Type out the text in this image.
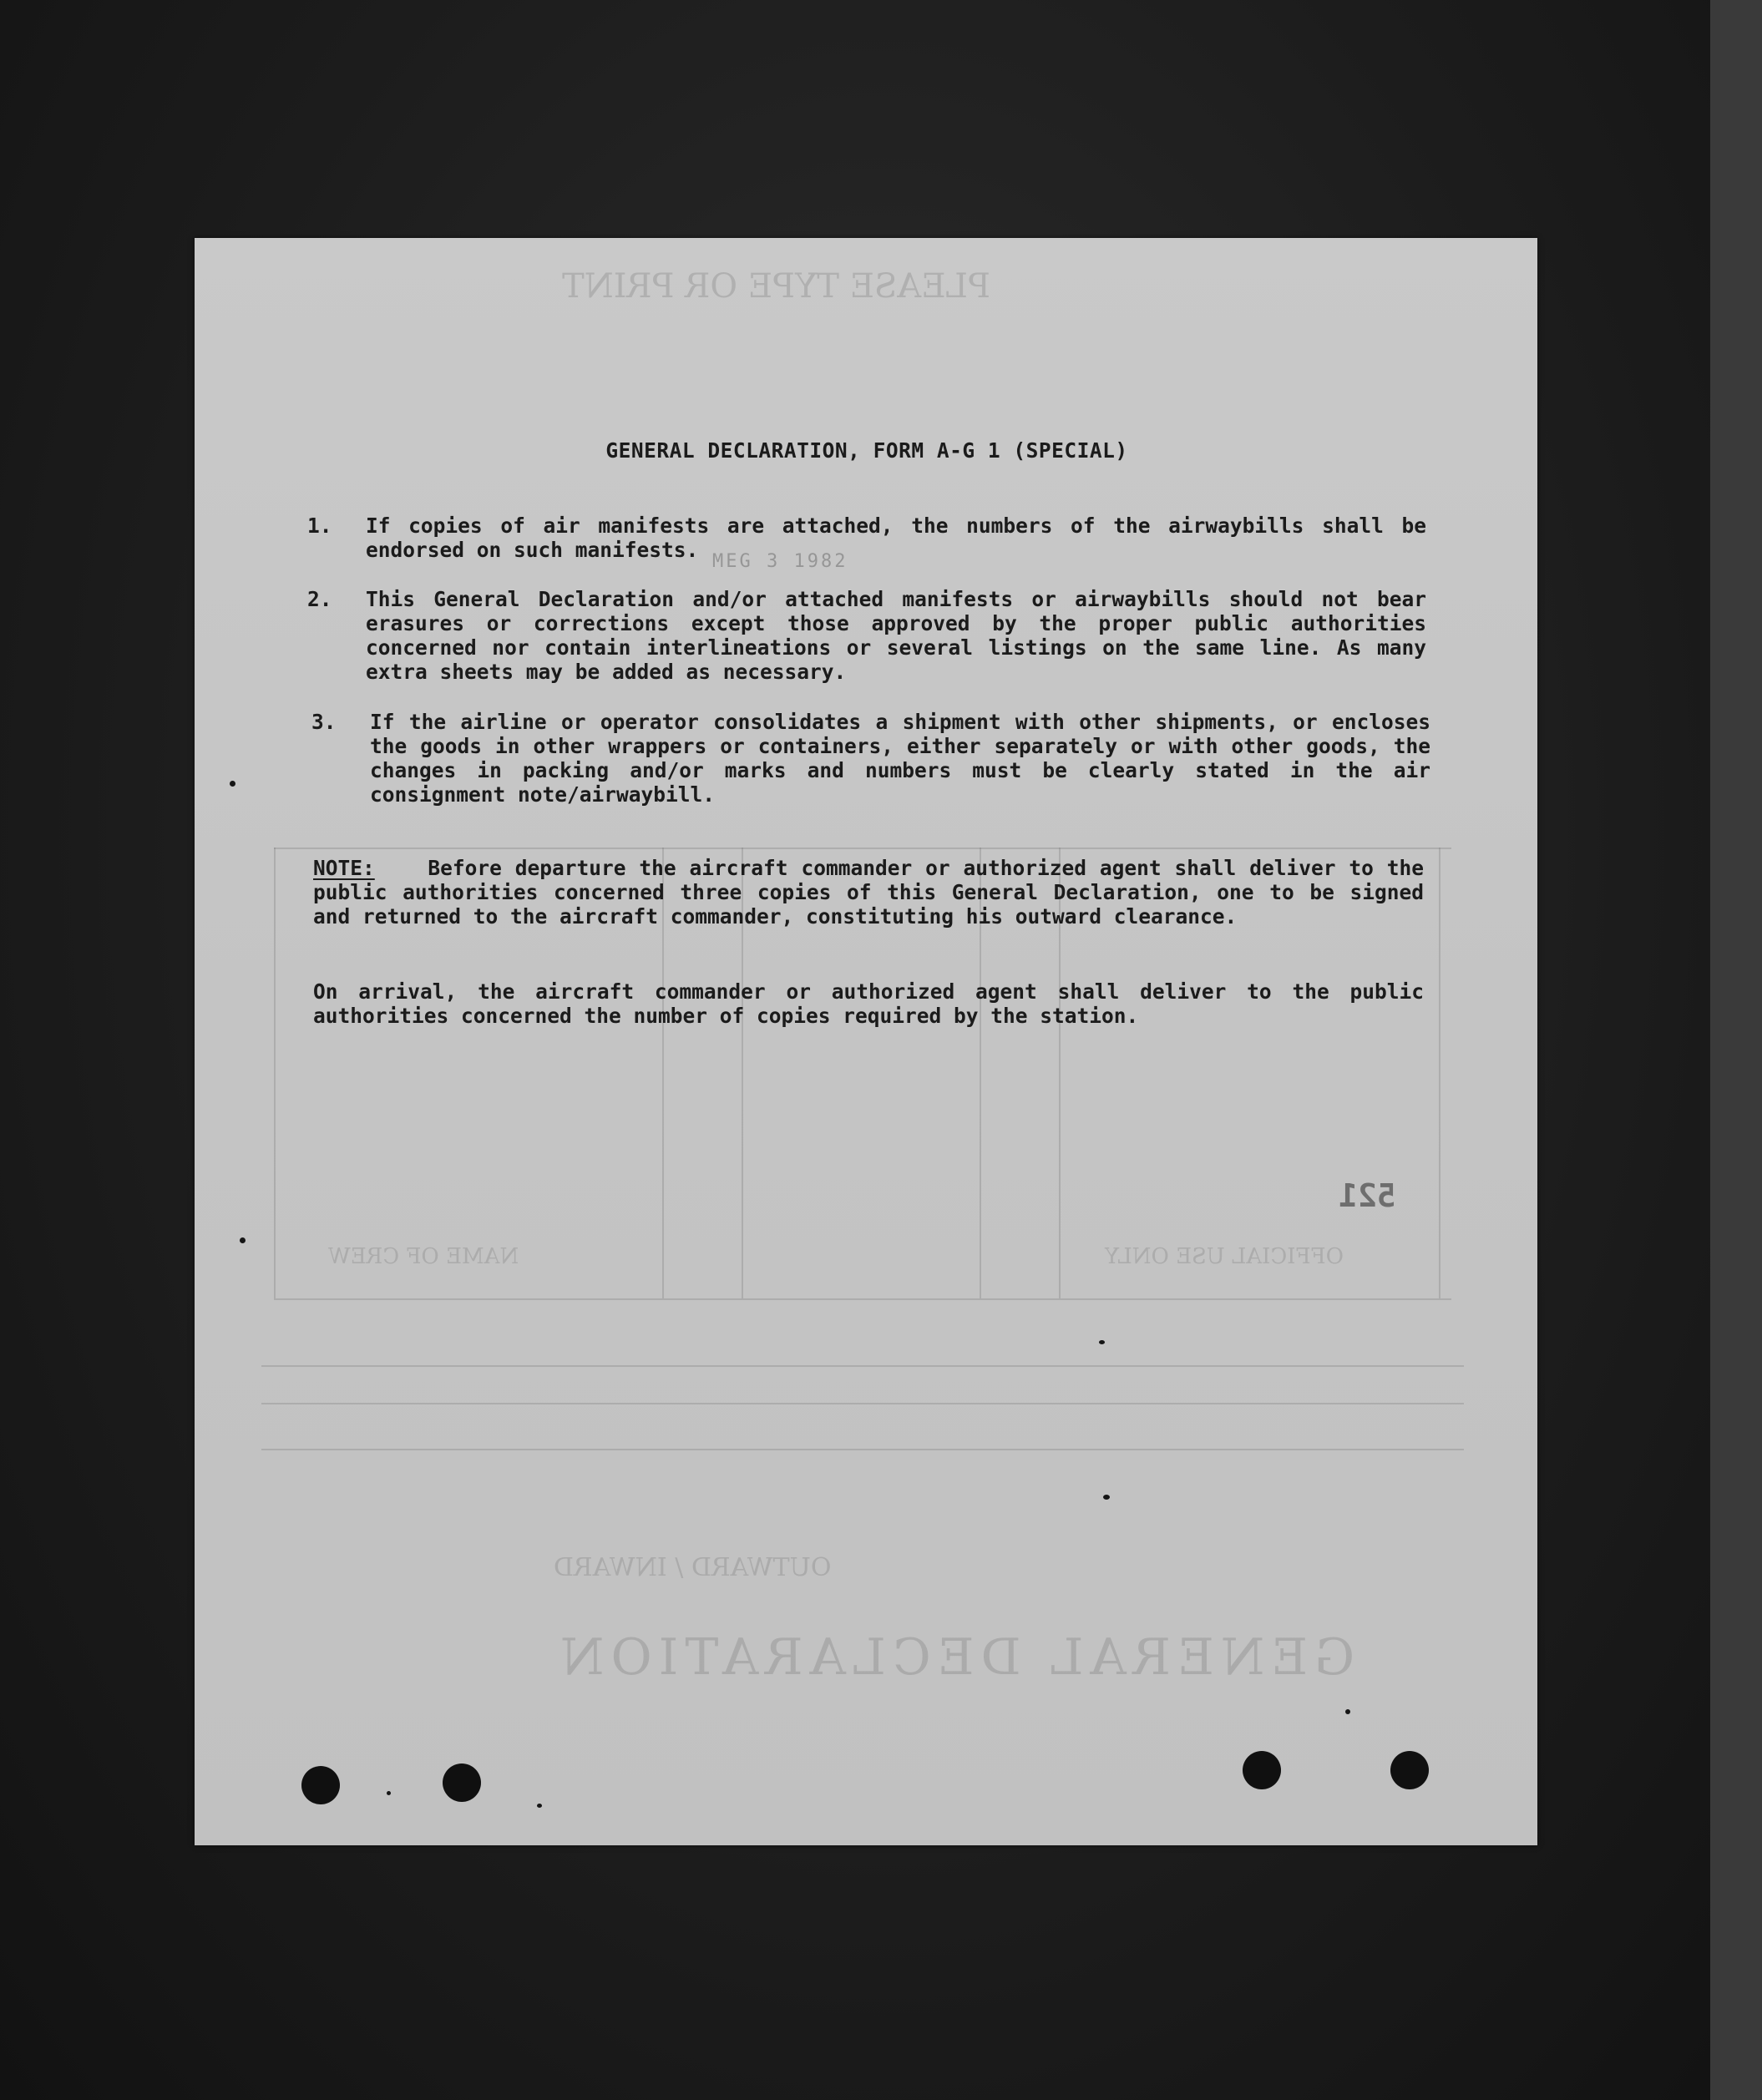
PLEASE TYPE OR PRINT
GENERAL DECLARATION
OUTWARD / INWARD
OFFICIAL USE ONLY
NAME OF CREW
MEG 3 1982
521
GENERAL DECLARATION, FORM A-G 1 (SPECIAL)
1.	If copies of air manifests are attached, the numbers of the airwaybills shall be endorsed on such manifests.
2.	This General Declaration and/or attached manifests or airwaybills should not bear erasures or corrections except those approved by the proper public authorities concerned nor contain interlineations or several listings on the same line. As many extra sheets may be added as necessary.
3.	If the airline or operator consolidates a shipment with other shipments, or encloses the goods in other wrappers or containers, either separately or with other goods, the changes in packing and/or marks and numbers must be clearly stated in the air consignment note/airwaybill.
NOTE:	Before departure the aircraft commander or authorized agent shall deliver to the public authorities concerned three copies of this General Declaration, one to be signed and returned to the aircraft commander, constituting his outward clearance.
On arrival, the aircraft commander or authorized agent shall deliver to the public authorities concerned the number of copies required by the station.
